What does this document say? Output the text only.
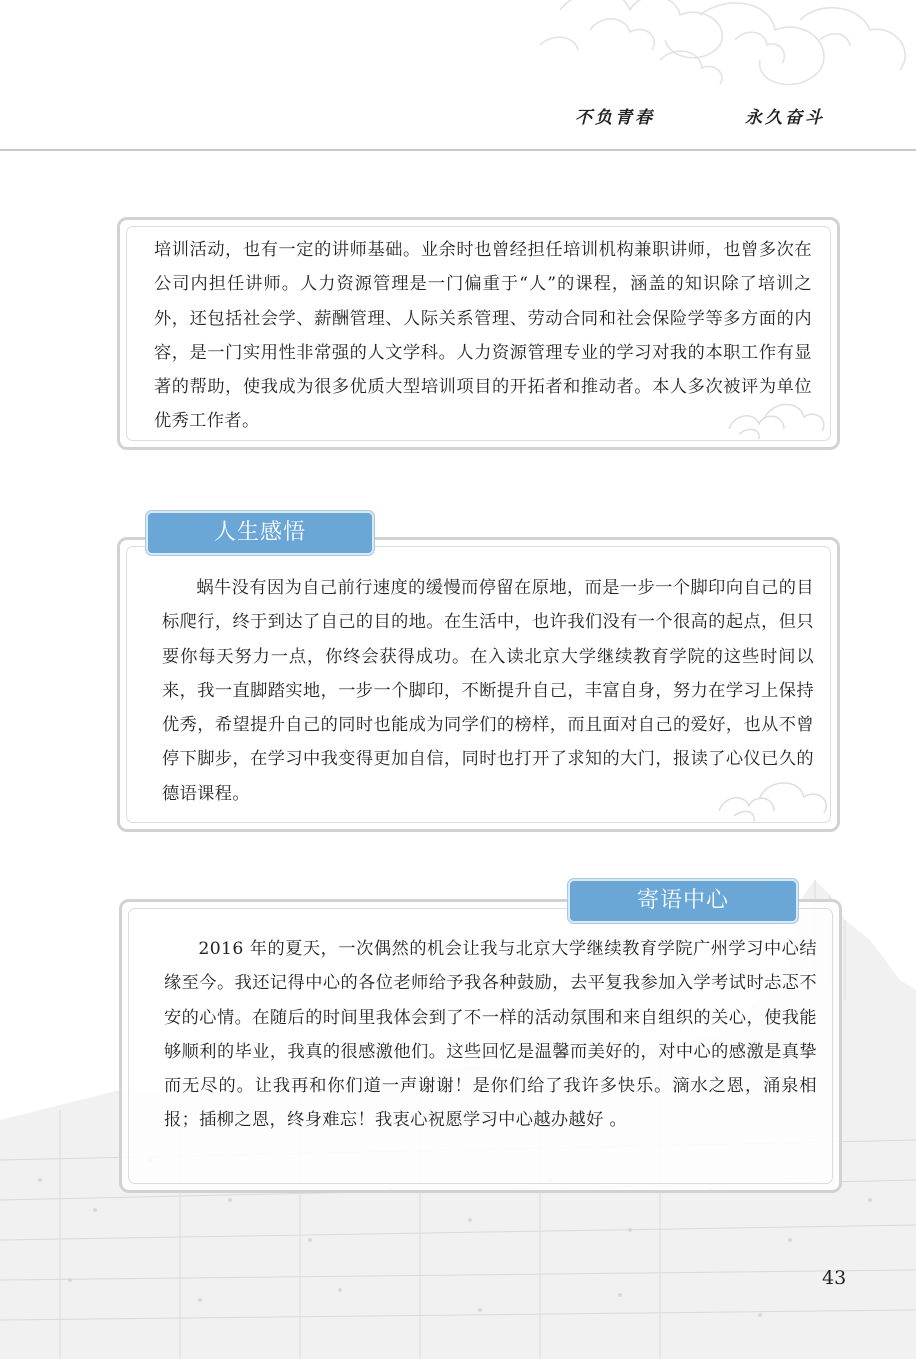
不负青春	永久奋斗

培训活动，也有一定的讲师基础。业余时也曾经担任培训机构兼职讲师，也曾多次在公司内担任讲师。人力资源管理是一门偏重于“人”的课程，涵盖的知识除了培训之外，还包括社会学、薪酬管理、人际关系管理、劳动合同和社会保险学等多方面的内容，是一门实用性非常强的人文学科。人力资源管理专业的学习对我的本职工作有显著的帮助，使我成为很多优质大型培训项目的开拓者和推动者。本人多次被评为单位优秀工作者。

蜗牛没有因为自己前行速度的缓慢而停留在原地，而是一步一个脚印向自己的目标爬行，终于到达了自己的目的地。在生活中，也许我们没有一个很高的起点，但只要你每天努力一点，你终会获得成功。在入读北京大学继续教育学院的这些时间以来，我一直脚踏实地，一步一个脚印，不断提升自己，丰富自身，努力在学习上保持优秀，希望提升自己的同时也能成为同学们的榜样，而且面对自己的爱好，也从不曾停下脚步，在学习中我变得更加自信，同时也打开了求知的大门，报读了心仪已久的德语课程。

人生感悟

2016 年的夏天，一次偶然的机会让我与北京大学继续教育学院广州学习中心结缘至今。我还记得中心的各位老师给予我各种鼓励，去平复我参加入学考试时忐忑不安的心情。在随后的时间里我体会到了不一样的活动氛围和来自组织的关心，使我能够顺利的毕业，我真的很感激他们。这些回忆是温馨而美好的，对中心的感激是真挚而无尽的。让我再和你们道一声谢谢！是你们给了我许多快乐。滴水之恩，涌泉相报；插柳之恩，终身难忘！我衷心祝愿学习中心越办越好 。

寄语中心
43
